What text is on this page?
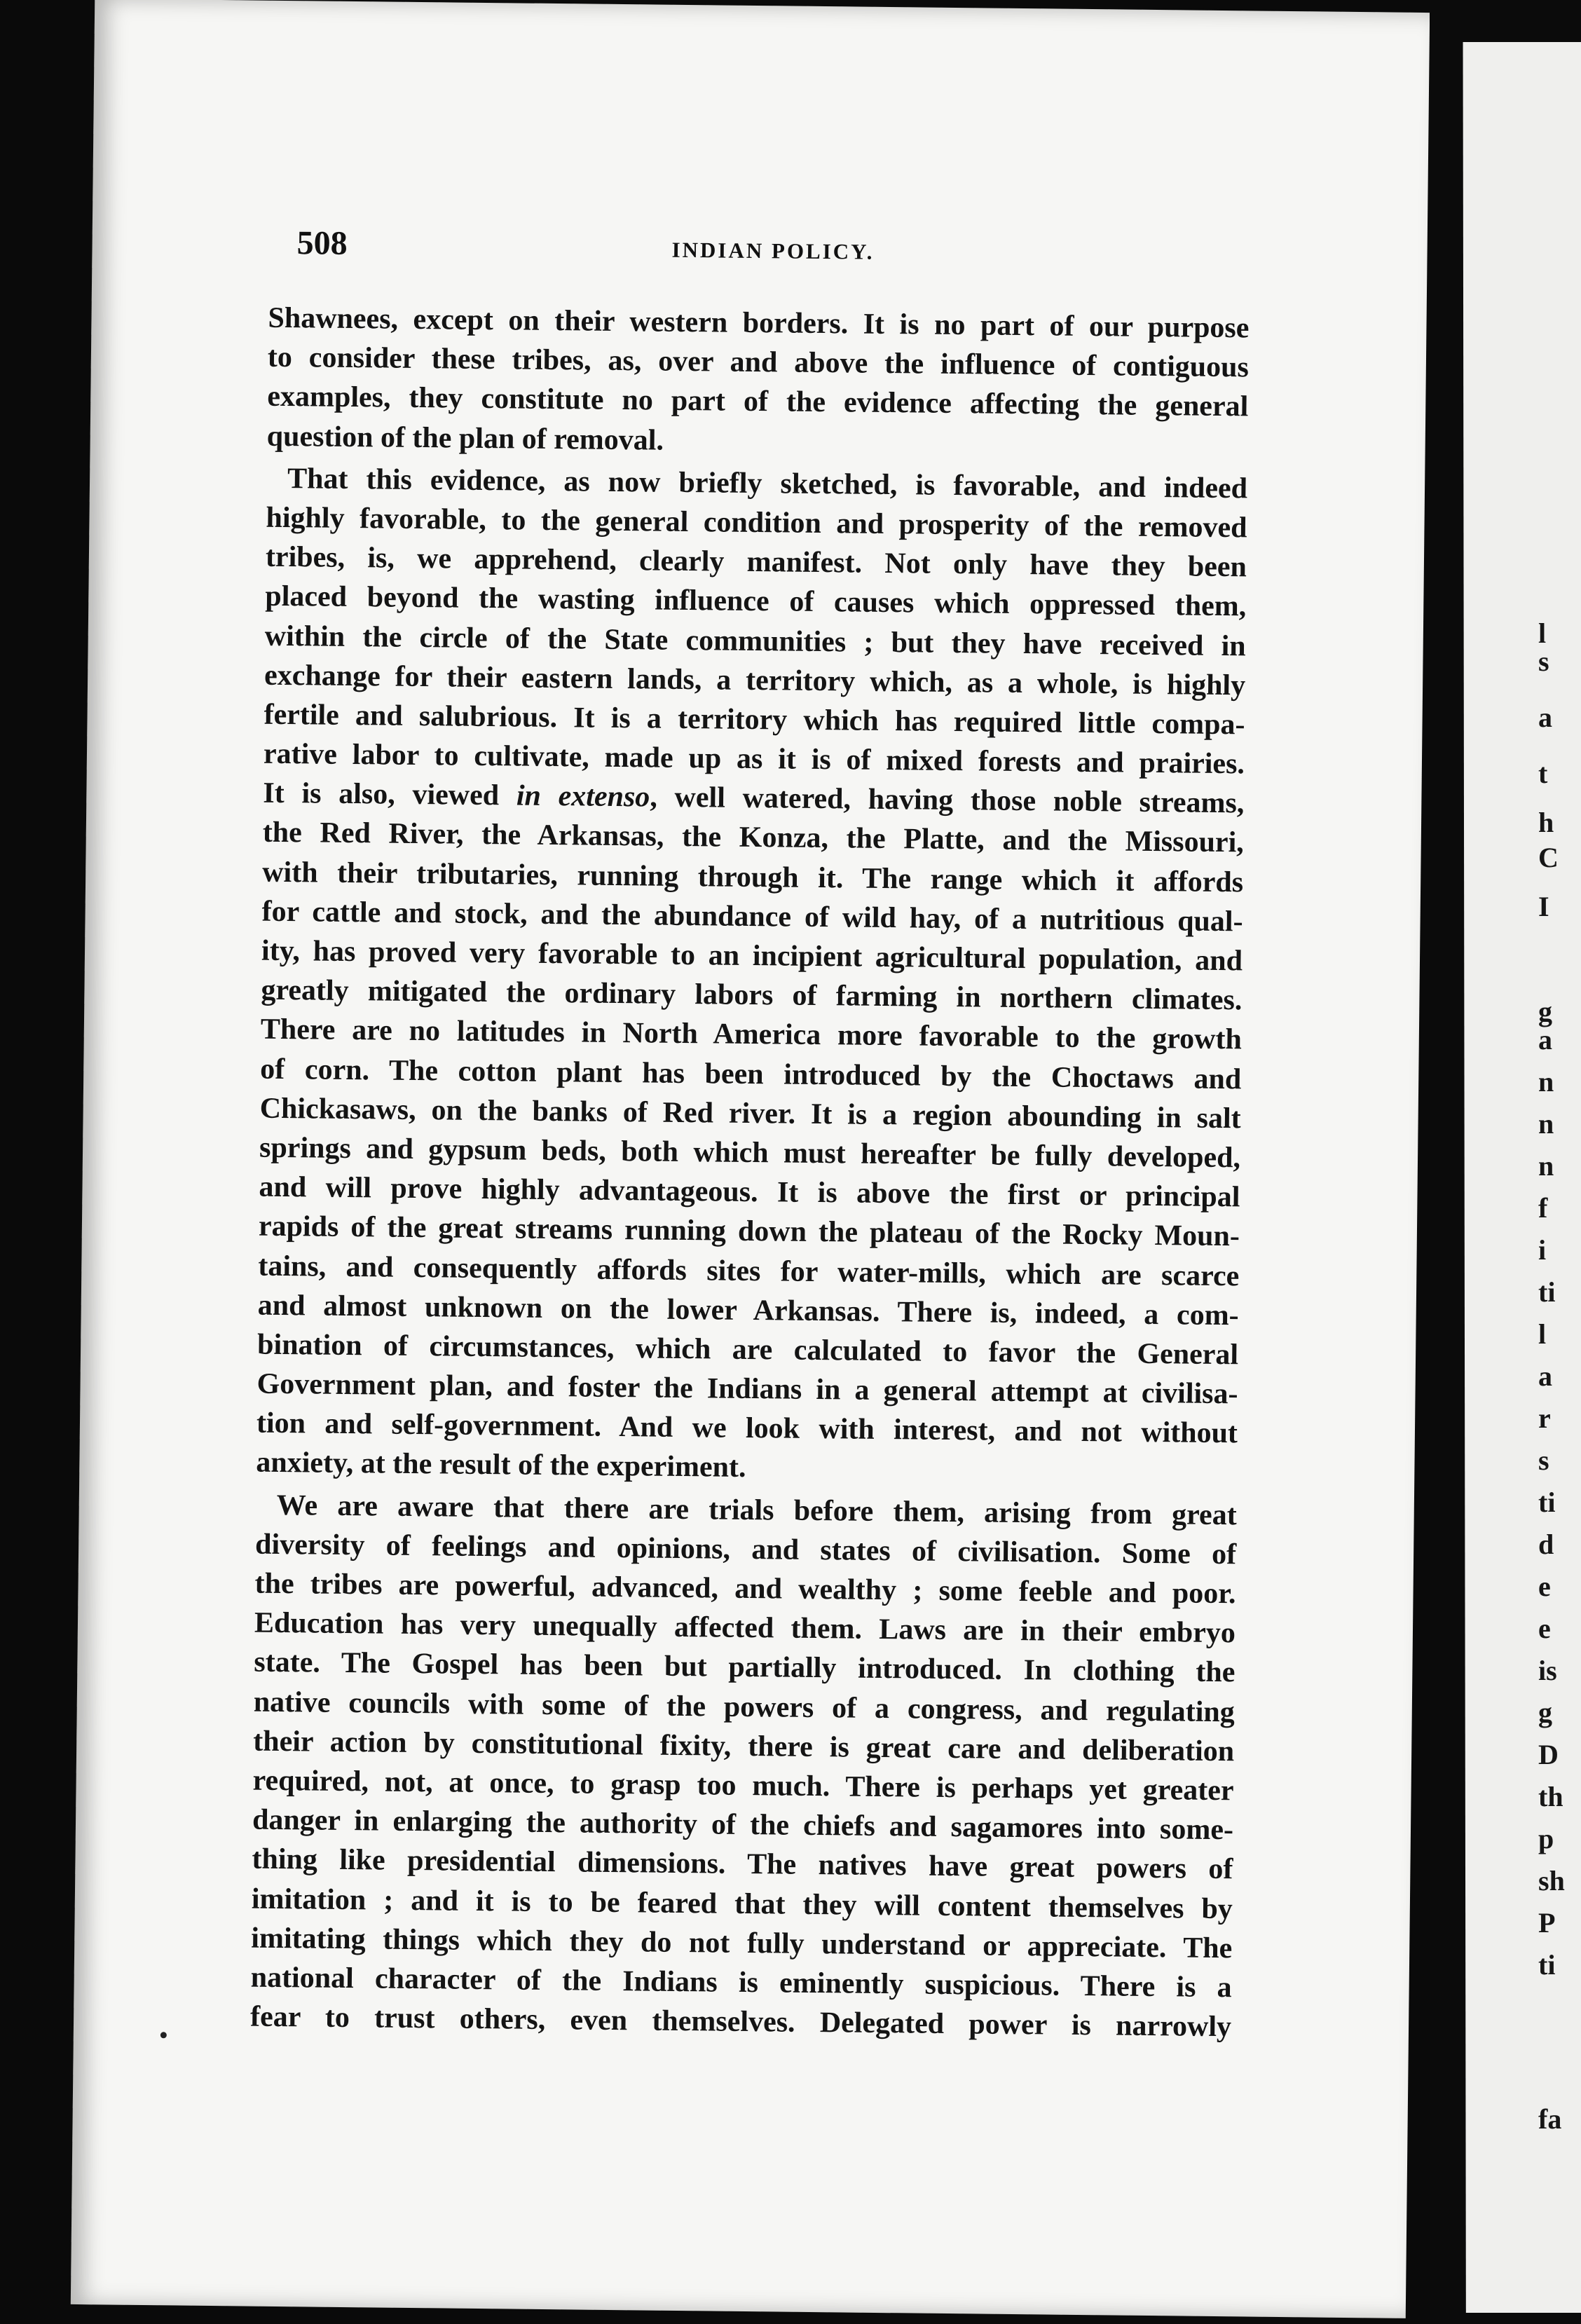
508	INDIAN POLICY.
Shawnees, except on their western borders. It is no part of our purpose
to consider these tribes, as, over and above the influence of contiguous
examples, they constitute no part of the evidence affecting the general
question of the plan of removal.
That this evidence, as now briefly sketched, is favorable, and indeed
highly favorable, to the general condition and prosperity of the removed
tribes, is, we apprehend, clearly manifest. Not only have they been
placed beyond the wasting influence of causes which oppressed them,
within the circle of the State communities ; but they have received in
exchange for their eastern lands, a territory which, as a whole, is highly
fertile and salubrious. It is a territory which has required little compa-
rative labor to cultivate, made up as it is of mixed forests and prairies.
It is also, viewed in extenso, well watered, having those noble streams,
the Red River, the Arkansas, the Konza, the Platte, and the Missouri,
with their tributaries, running through it. The range which it affords
for cattle and stock, and the abundance of wild hay, of a nutritious qual-
ity, has proved very favorable to an incipient agricultural population, and
greatly mitigated the ordinary labors of farming in northern climates.
There are no latitudes in North America more favorable to the growth
of corn. The cotton plant has been introduced by the Choctaws and
Chickasaws, on the banks of Red river. It is a region abounding in salt
springs and gypsum beds, both which must hereafter be fully developed,
and will prove highly advantageous. It is above the first or principal
rapids of the great streams running down the plateau of the Rocky Moun-
tains, and consequently affords sites for water-mills, which are scarce
and almost unknown on the lower Arkansas. There is, indeed, a com-
bination of circumstances, which are calculated to favor the General
Government plan, and foster the Indians in a general attempt at civilisa-
tion and self-government. And we look with interest, and not without
anxiety, at the result of the experiment.
We are aware that there are trials before them, arising from great
diversity of feelings and opinions, and states of civilisation. Some of
the tribes are powerful, advanced, and wealthy ; some feeble and poor.
Education has very unequally affected them. Laws are in their embryo
state. The Gospel has been but partially introduced. In clothing the
native councils with some of the powers of a congress, and regulating
their action by constitutional fixity, there is great care and deliberation
required, not, at once, to grasp too much. There is perhaps yet greater
danger in enlarging the authority of the chiefs and sagamores into some-
thing like presidential dimensions. The natives have great powers of
imitation ; and it is to be feared that they will content themselves by
imitating things which they do not fully understand or appreciate. The
national character of the Indians is eminently suspicious. There is a
fear to trust others, even themselves. Delegated power is narrowly
l
s
a
t
h
C
I
g
a
n
n
n
f
i
ti
l
a
r
s
ti
d
e
e
is
g
D
th
p
sh
P
ti
fa
